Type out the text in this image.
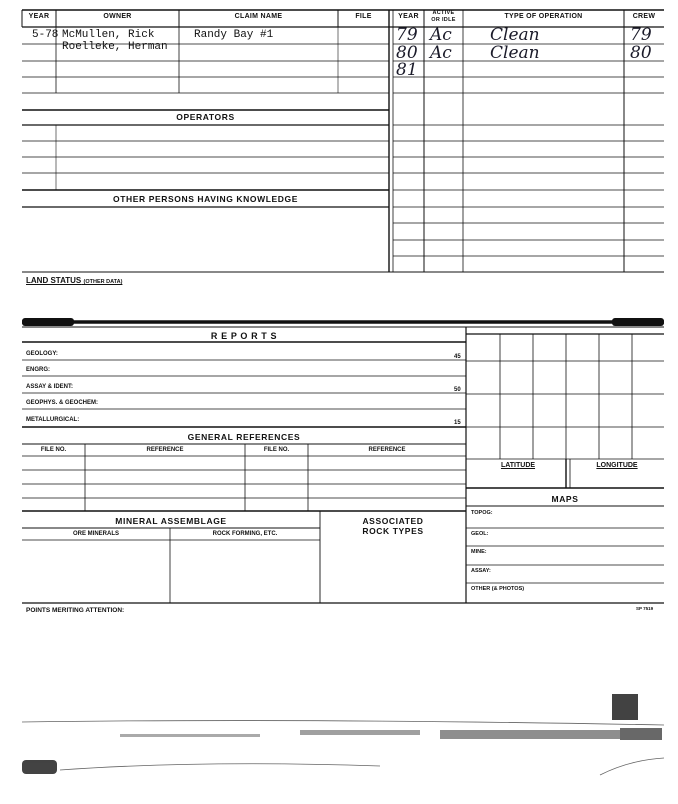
YEAR	OWNER	CLAIM NAME	FILE	YEAR	ACTIVE
OR IDLE	TYPE OF OPERATION	CREW
5-78 McMullen, Rick	Randy Bay #1
Roelleke, Herman
79 Ac Clean	79
80 Ac Clean	80
81
OPERATORS
OTHER PERSONS HAVING KNOWLEDGE
LAND STATUS (OTHER DATA)
R E P O R T S
GEOLOGY:	45
ENGRG:
ASSAY & IDENT:	50
GEOPHYS. & GEOCHEM:
METALLURGICAL:	15
GENERAL REFERENCES
FILE NO.	REFERENCE	FILE NO.	REFERENCE
MINERAL ASSEMBLAGE
ORE MINERALS	ROCK FORMING, ETC.
ASSOCIATED
ROCK TYPES
LATITUDE	LONGITUDE
MAPS
TOPOG:
GEOL:
MINE:
ASSAY:
OTHER (& PHOTOS)
POINTS MERITING ATTENTION:	SP 7519
